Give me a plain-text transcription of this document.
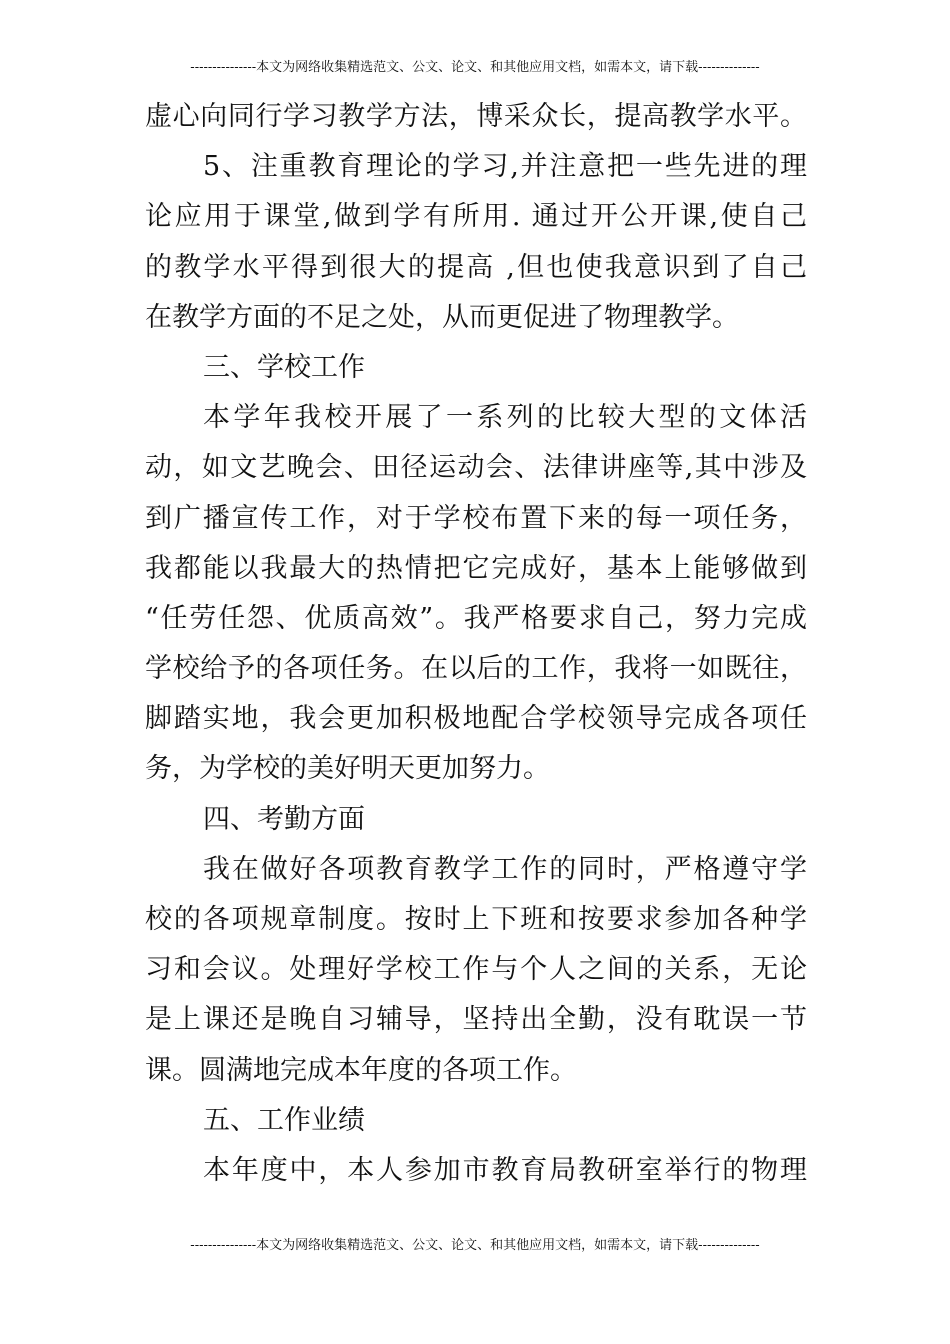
---------------本文为网络收集精选范文、公文、论文、和其他应用文档，如需本文，请下载--------------
虚心向同行学习教学方法，博采众长，提高教学水平。
5、注重教育理论的学习,并注意把一些先进的理
论应用于课堂,做到学有所用. 通过开公开课,使自己
的教学水平得到很大的提高 ,但也使我意识到了自己
在教学方面的不足之处，从而更促进了物理教学。
三、学校工作
本学年我校开展了一系列的比较大型的文体活
动，如文艺晚会、田径运动会、法律讲座等,其中涉及
到广播宣传工作，对于学校布置下来的每一项任务，
我都能以我最大的热情把它完成好，基本上能够做到
“任劳任怨、优质高效”。我严格要求自己，努力完成
学校给予的各项任务。在以后的工作，我将一如既往，
脚踏实地，我会更加积极地配合学校领导完成各项任
务，为学校的美好明天更加努力。
四、考勤方面
我在做好各项教育教学工作的同时，严格遵守学
校的各项规章制度。按时上下班和按要求参加各种学
习和会议。处理好学校工作与个人之间的关系，无论
是上课还是晚自习辅导，坚持出全勤，没有耽误一节
课。圆满地完成本年度的各项工作。
五、工作业绩
本年度中，本人参加市教育局教研室举行的物理
---------------本文为网络收集精选范文、公文、论文、和其他应用文档，如需本文，请下载--------------
